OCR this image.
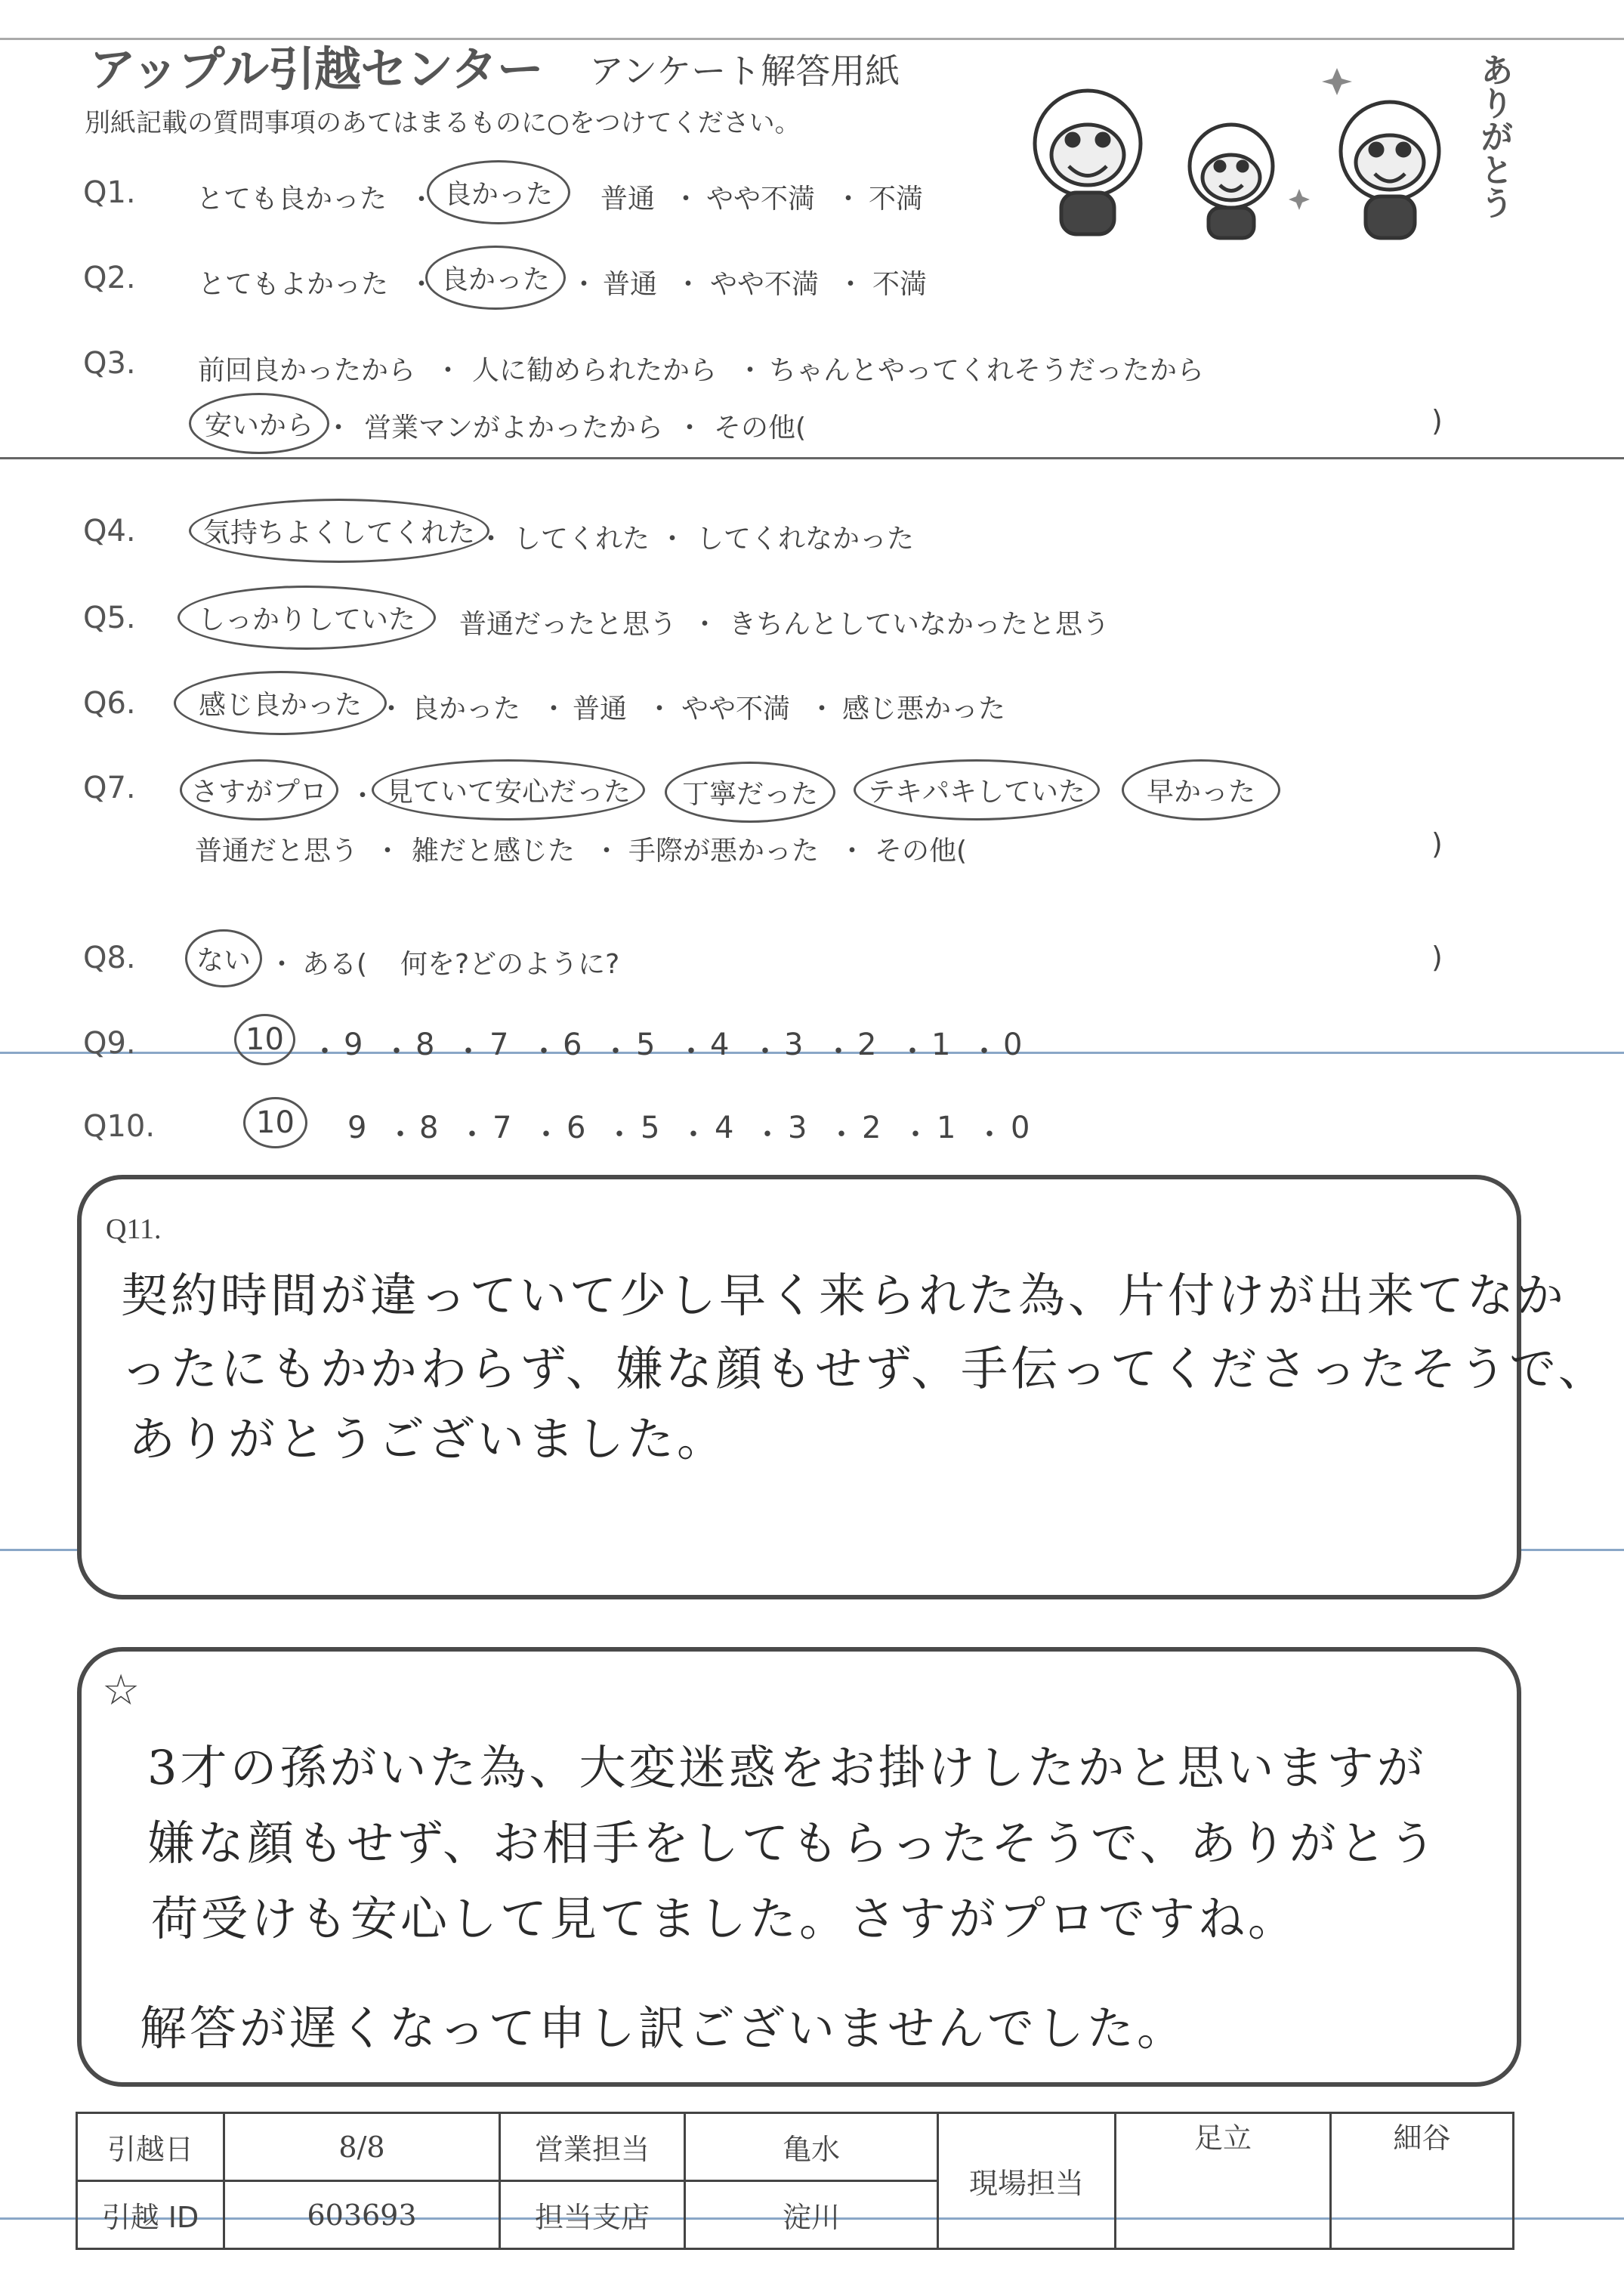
アップル引越センター アンケート解答用紙
別紙記載の質問事項のあてはまるものに○をつけてください。	ありがとう
Q1. とても良かった ・ 良かった	普通 ・ やや不満 ・ 不満
Q2. とてもよかった ・ 良かった ・ 普通 ・ やや不満 ・ 不満
Q3. 前回良かったから ・ 人に勧められたから ・ ちゃんとやってくれそうだったから
安いから ・ 営業マンがよかったから ・ その他(	)
Q4.	気持ちよくしてくれた ・ してくれた ・ してくれなかった
Q5.	しっかりしていた	普通だったと思う ・ きちんとしていなかったと思う
Q6.	感じ良かった ・ 良かった ・ 普通 ・ やや不満 ・ 感じ悪かった
Q7.	さすがプロ ・ 見ていて安心だった	丁寧だった	テキパキしていた	早かった
普通だと思う ・ 雑だと感じた ・ 手際が悪かった ・ その他(	)
Q8.	ない ・ ある( 何を?どのように?	)
Q9.	10 ・ 9 ・ 8 ・ 7 ・ 6 ・ 5 ・ 4 ・ 3 ・ 2 ・ 1 ・ 0
Q10.	10	9 ・ 8 ・ 7 ・ 6 ・ 5 ・ 4 ・ 3 ・ 2 ・ 1 ・ 0
Q11.
契約時間が違っていて少し早く来られた為、片付けが出来てなか
ったにもかかわらず、嫌な顔もせず、手伝ってくださったそうで、
ありがとうございました。
☆
3才の孫がいた為、大変迷惑をお掛けしたかと思いますが
嫌な顔もせず、お相手をしてもらったそうで、ありがとう
荷受けも安心して見てました。さすがプロですね。
解答が遅くなって申し訳ございませんでした。
引越日	8/8	営業担当	亀水	現場担当	足立	細谷
引越 ID	603693	担当支店	淀川			
